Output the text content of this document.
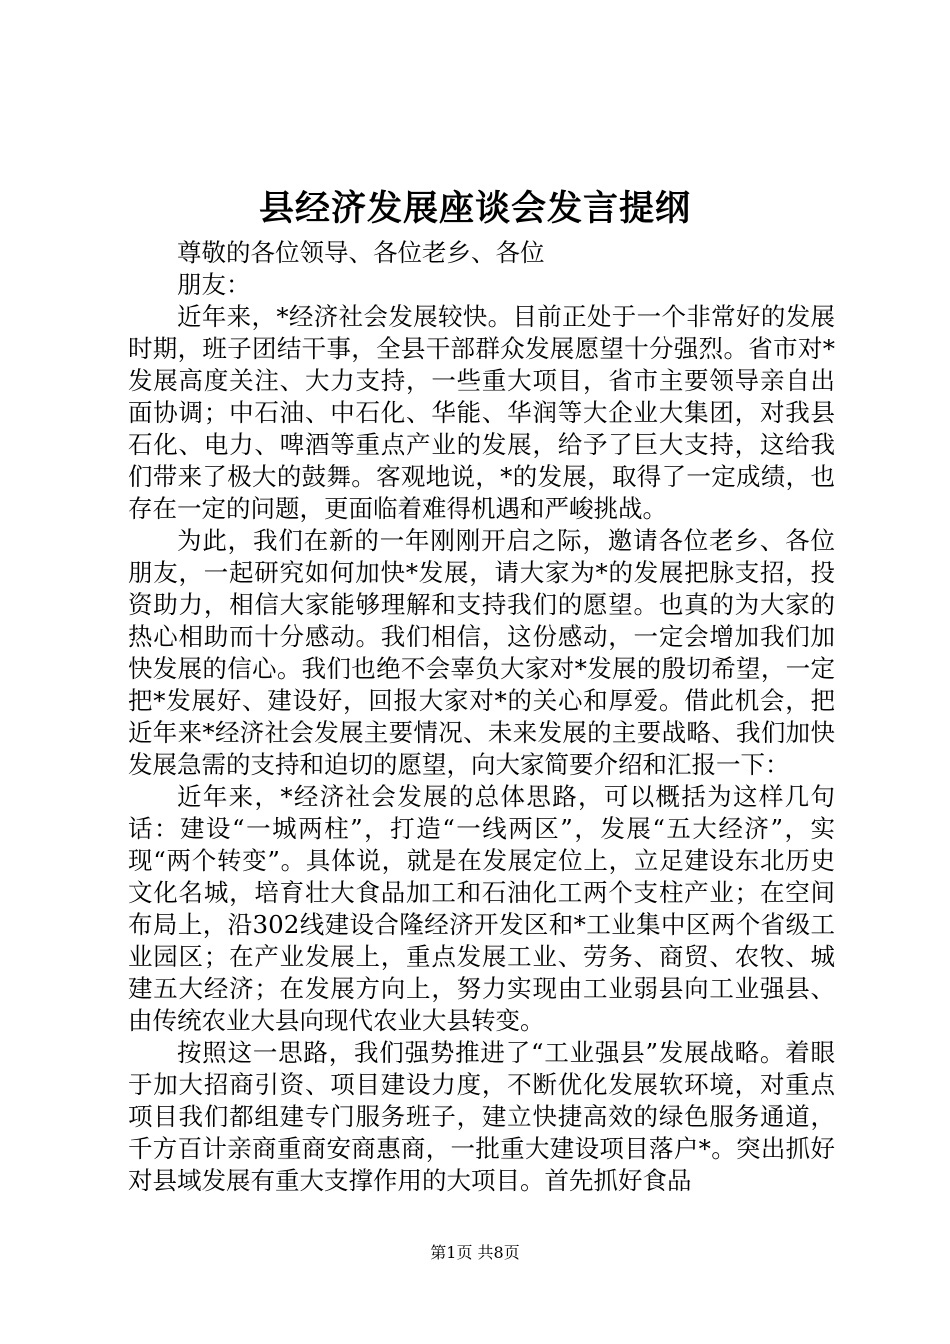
县经济发展座谈会发言提纲

尊敬的各位领导、各位老乡、各位

朋友：

近年来，*经济社会发展较快。目前正处于一个非常好的发展时期，班子团结干事，全县干部群众发展愿望十分强烈。省市对*发展高度关注、大力支持，一些重大项目，省市主要领导亲自出面协调；中石油、中石化、华能、华润等大企业大集团，对我县石化、电力、啤酒等重点产业的发展，给予了巨大支持，这给我们带来了极大的鼓舞。客观地说，*的发展，取得了一定成绩，也存在一定的问题，更面临着难得机遇和严峻挑战。

为此，我们在新的一年刚刚开启之际，邀请各位老乡、各位朋友，一起研究如何加快*发展，请大家为*的发展把脉支招，投资助力，相信大家能够理解和支持我们的愿望。也真的为大家的热心相助而十分感动。我们相信，这份感动，一定会增加我们加快发展的信心。我们也绝不会辜负大家对*发展的殷切希望，一定把*发展好、建设好，回报大家对*的关心和厚爱。借此机会，把近年来*经济社会发展主要情况、未来发展的主要战略、我们加快发展急需的支持和迫切的愿望，向大家简要介绍和汇报一下：

近年来，*经济社会发展的总体思路，可以概括为这样几句话：建设“一城两柱”，打造“一线两区”，发展“五大经济”，实现“两个转变”。具体说，就是在发展定位上，立足建设东北历史文化名城，培育壮大食品加工和石油化工两个支柱产业；在空间布局上，沿302线建设合隆经济开发区和*工业集中区两个省级工业园区；在产业发展上，重点发展工业、劳务、商贸、农牧、城建五大经济；在发展方向上，努力实现由工业弱县向工业强县、由传统农业大县向现代农业大县转变。

按照这一思路，我们强势推进了“工业强县”发展战略。着眼于加大招商引资、项目建设力度，不断优化发展软环境，对重点项目我们都组建专门服务班子，建立快捷高效的绿色服务通道，千方百计亲商重商安商惠商，一批重大建设项目落户*。突出抓好对县域发展有重大支撑作用的大项目。首先抓好食品

第1页 共8页
